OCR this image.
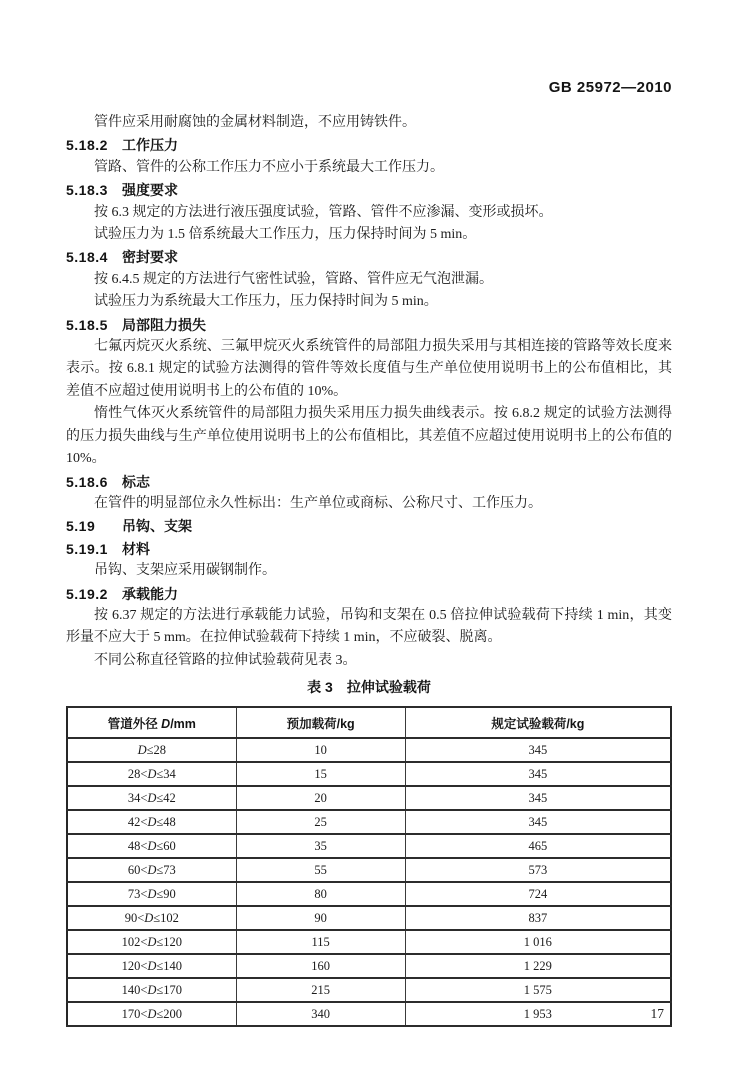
GB 25972—2010

管件应采用耐腐蚀的金属材料制造，不应用铸铁件。

5.18.2 工作压力

管路、管件的公称工作压力不应小于系统最大工作压力。

5.18.3 强度要求

按 6.3 规定的方法进行液压强度试验，管路、管件不应渗漏、变形或损坏。

试验压力为 1.5 倍系统最大工作压力，压力保持时间为 5 min。

5.18.4 密封要求

按 6.4.5 规定的方法进行气密性试验，管路、管件应无气泡泄漏。

试验压力为系统最大工作压力，压力保持时间为 5 min。

5.18.5 局部阻力损失

七氟丙烷灭火系统、三氟甲烷灭火系统管件的局部阻力损失采用与其相连接的管路等效长度来表示。按 6.8.1 规定的试验方法测得的管件等效长度值与生产单位使用说明书上的公布值相比，其差值不应超过使用说明书上的公布值的 10%。

惰性气体灭火系统管件的局部阻力损失采用压力损失曲线表示。按 6.8.2 规定的试验方法测得的压力损失曲线与生产单位使用说明书上的公布值相比，其差值不应超过使用说明书上的公布值的 10%。

5.18.6 标志

在管件的明显部位永久性标出：生产单位或商标、公称尺寸、工作压力。

5.19 吊钩、支架

5.19.1 材料

吊钩、支架应采用碳钢制作。

5.19.2 承载能力

按 6.37 规定的方法进行承载能力试验，吊钩和支架在 0.5 倍拉伸试验载荷下持续 1 min，其变形量不应大于 5 mm。在拉伸试验载荷下持续 1 min，不应破裂、脱离。

不同公称直径管路的拉伸试验载荷见表 3。

表 3 拉伸试验载荷
管道外径 D/mm	预加载荷/kg	规定试验载荷/kg
D≤28	10	345
28<D≤34	15	345
34<D≤42	20	345
42<D≤48	25	345
48<D≤60	35	465
60<D≤73	55	573
73<D≤90	80	724
90<D≤102	90	837
102<D≤120	115	1 016
120<D≤140	160	1 229
140<D≤170	215	1 575
170<D≤200	340	1 953	17
